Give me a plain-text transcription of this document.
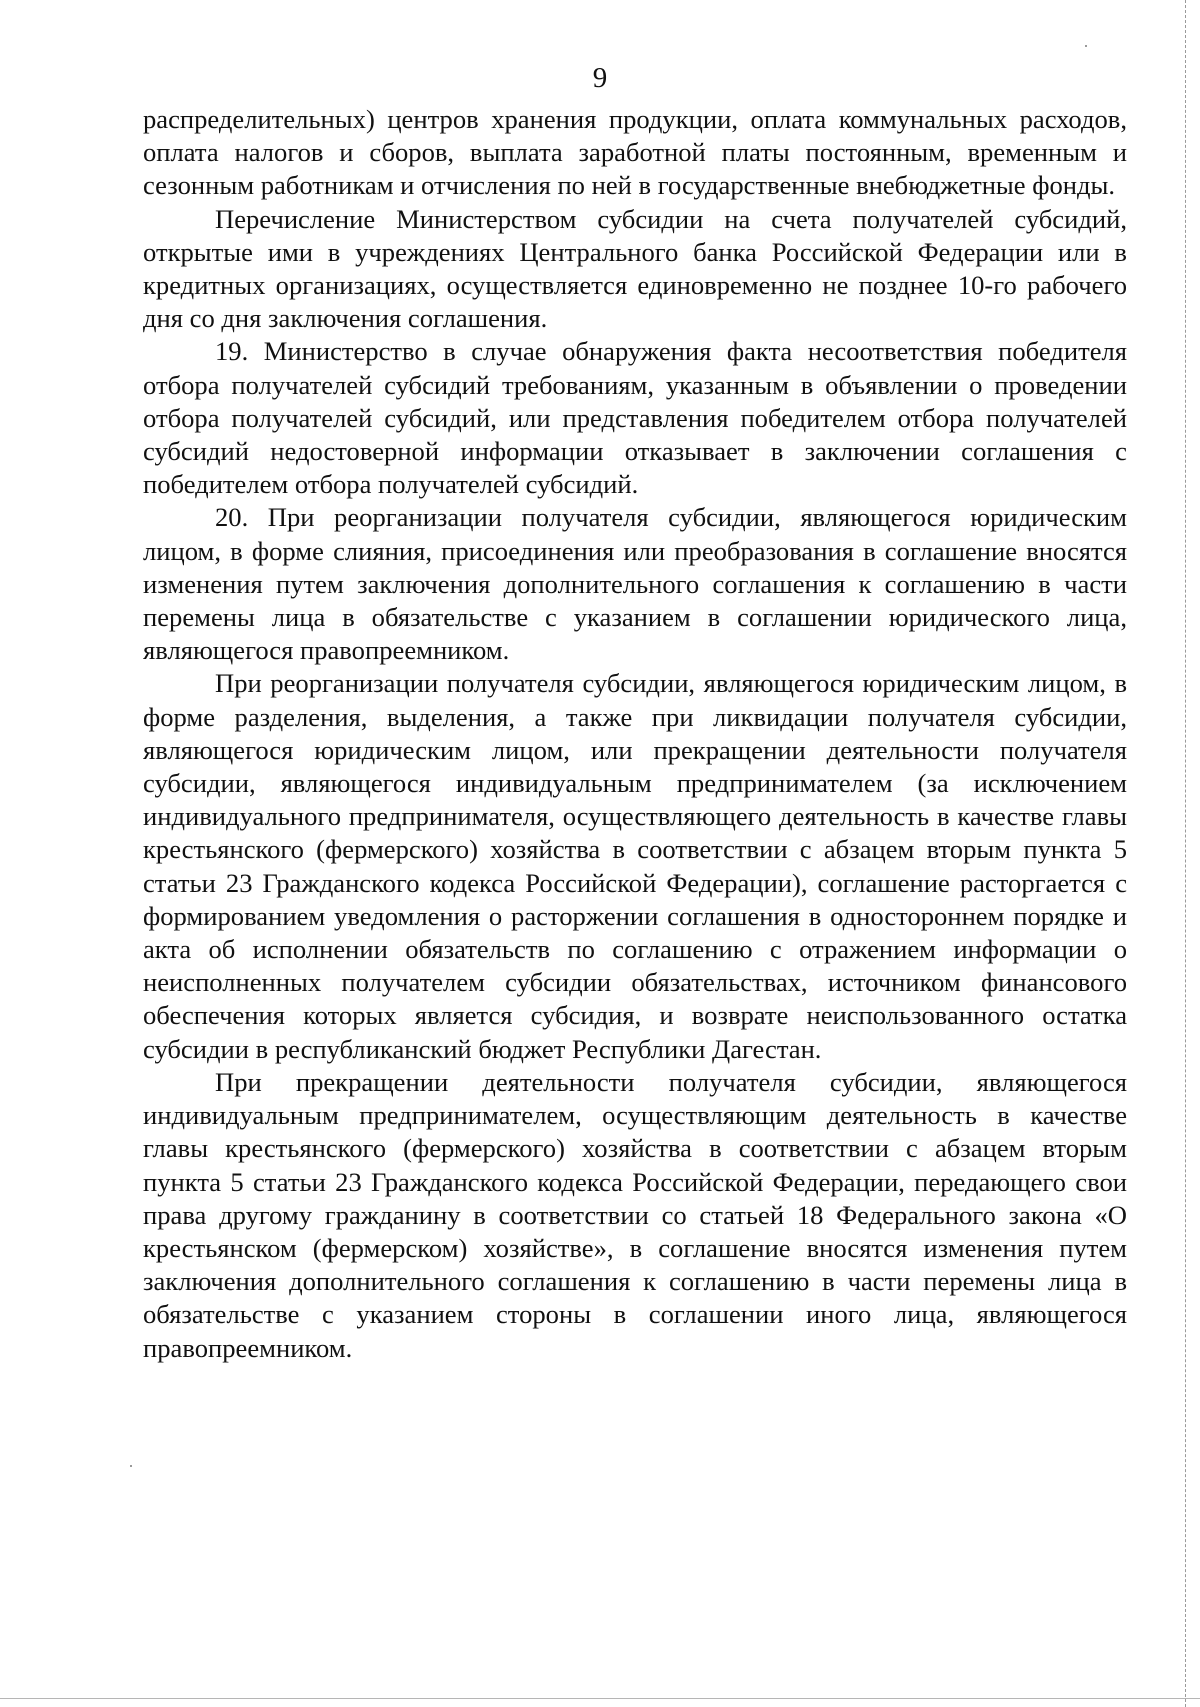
9

распределительных) центров хранения продукции, оплата коммунальных расходов, оплата налогов и сборов, выплата заработной платы постоянным, временным и сезонным работникам и отчисления по ней в государственные внебюджетные фонды.

Перечисление Министерством субсидии на счета получателей субсидий, открытые ими в учреждениях Центрального банка Российской Федерации или в кредитных организациях, осуществляется единовременно не позднее 10-го рабочего дня со дня заключения соглашения.

19. Министерство в случае обнаружения факта несоответствия победителя отбора получателей субсидий требованиям, указанным в объявлении о проведении отбора получателей субсидий, или представления победителем отбора получателей субсидий недостоверной информации отказывает в заключении соглашения с победителем отбора получателей субсидий.

20. При реорганизации получателя субсидии, являющегося юридическим лицом, в форме слияния, присоединения или преобразования в соглашение вносятся изменения путем заключения дополнительного соглашения к соглашению в части перемены лица в обязательстве с указанием в соглашении юридического лица, являющегося правопреемником.

При реорганизации получателя субсидии, являющегося юридическим лицом, в форме разделения, выделения, а также при ликвидации получателя субсидии, являющегося юридическим лицом, или прекращении деятельности получателя субсидии, являющегося индивидуальным предпринимателем (за исключением индивидуального предпринимателя, осуществляющего деятельность в качестве главы крестьянского (фермерского) хозяйства в соответствии с абзацем вторым пункта 5 статьи 23 Гражданского кодекса Российской Федерации), соглашение расторгается с формированием уведомления о расторжении соглашения в одностороннем порядке и акта об исполнении обязательств по соглашению с отражением информации о неисполненных получателем субсидии обязательствах, источником финансового обеспечения которых является субсидия, и возврате неиспользованного остатка субсидии в республиканский бюджет Республики Дагестан.

При прекращении деятельности получателя субсидии, являющегося индивидуальным предпринимателем, осуществляющим деятельность в качестве главы крестьянского (фермерского) хозяйства в соответствии с абзацем вторым пункта 5 статьи 23 Гражданского кодекса Российской Федерации, передающего свои права другому гражданину в соответствии со статьей 18 Федерального закона «О крестьянском (фермерском) хозяйстве», в соглашение вносятся изменения путем заключения дополнительного соглашения к соглашению в части перемены лица в обязательстве с указанием стороны в соглашении иного лица, являющегося правопреемником.
